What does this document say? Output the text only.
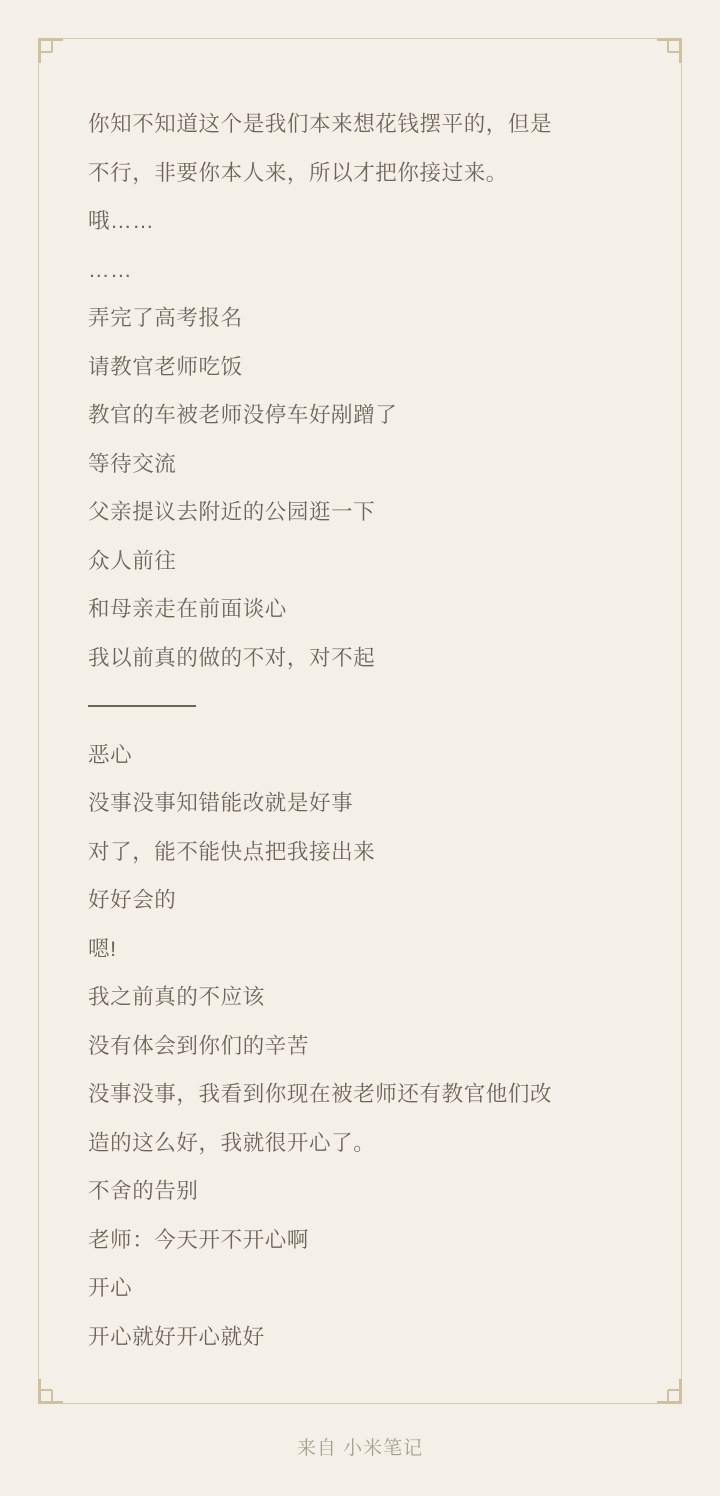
你知不知道这个是我们本来想花钱摆平的，但是
不行，非要你本人来，所以才把你接过来。
哦……
……
弄完了高考报名
请教官老师吃饭
教官的车被老师没停车好剐蹭了
等待交流
父亲提议去附近的公园逛一下
众人前往
和母亲走在前面谈心
我以前真的做的不对，对不起
恶心
没事没事知错能改就是好事
对了，能不能快点把我接出来
好好会的
嗯!
我之前真的不应该
没有体会到你们的辛苦
没事没事，我看到你现在被老师还有教官他们改
造的这么好，我就很开心了。
不舍的告别
老师：今天开不开心啊
开心
开心就好开心就好
来自 小米笔记
